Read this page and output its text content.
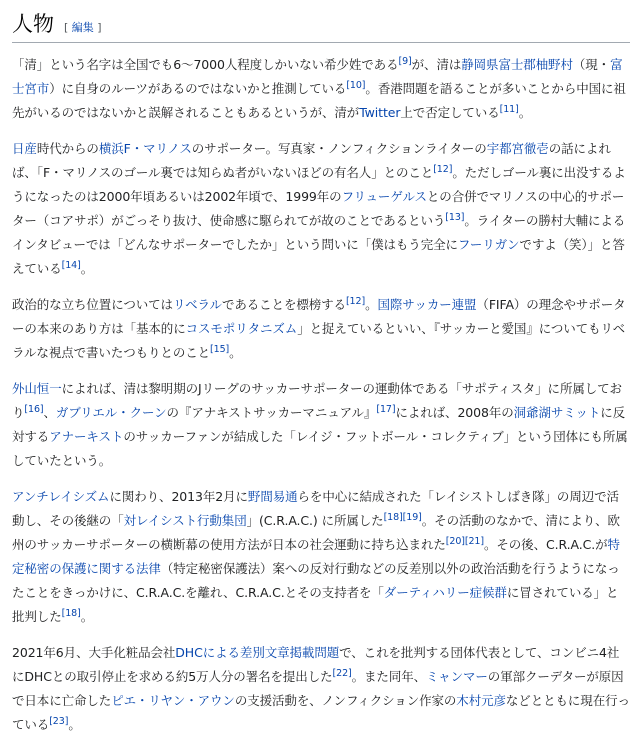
人物 [ 編集 ]

「清」という名字は全国でも6～7000人程度しかいない希少姓である[9]が、清は静岡県富士郡柚野村（現・富士宮市）に自身のルーツがあるのではないかと推測している[10]。香港問題を語ることが多いことから中国に祖先がいるのではないかと誤解されることもあるというが、清がTwitter上で否定している[11]。

日産時代からの横浜F・マリノスのサポーター。写真家・ノンフィクションライターの宇都宮徹壱の話によれば、「F・マリノスのゴール裏では知らぬ者がいないほどの有名人」とのこと[12]。ただしゴール裏に出没するようになったのは2000年頃あるいは2002年頃で、1999年のフリューゲルスとの合併でマリノスの中心的サポーター（コアサポ）がごっそり抜け、使命感に駆られてが故のことであるという[13]。ライターの勝村大輔によるインタビューでは「どんなサポーターでしたか」という問いに「僕はもう完全にフーリガンですよ（笑）」と答えている[14]。

政治的な立ち位置についてはリベラルであることを標榜する[12]。国際サッカー連盟（FIFA）の理念やサポーターの本来のあり方は「基本的にコスモポリタニズム」と捉えているといい、『サッカーと愛国』についてもリベラルな視点で書いたつもりとのこと[15]。

外山恒一によれば、清は黎明期のJリーグのサッカーサポーターの運動体である「サポティスタ」に所属しており[16]、ガブリエル・クーンの『アナキストサッカーマニュアル』[17]によれば、2008年の洞爺湖サミットに反対するアナーキストのサッカーファンが結成した「レイジ・フットボール・コレクティブ」という団体にも所属していたという。

アンチレイシズムに関わり、2013年2月に野間易通らを中心に結成された「レイシストしばき隊」の周辺で活動し、その後継の「対レイシスト行動集団」(C.R.A.C.) に所属した[18][19]。その活動のなかで、清により、欧州のサッカーサポーターの横断幕の使用方法が日本の社会運動に持ち込まれた[20][21]。その後、C.R.A.C.が特定秘密の保護に関する法律（特定秘密保護法）案への反対行動などの反差別以外の政治活動を行うようになったことをきっかけに、C.R.A.C.を離れ、C.R.A.C.とその支持者を「ダーティハリー症候群に冒されている」と批判した[18]。

2021年6月、大手化粧品会社DHCによる差別文章掲載問題で、これを批判する団体代表として、コンビニ4社にDHCとの取引停止を求める約5万人分の署名を提出した[22]。また同年、ミャンマーの軍部クーデターが原因で日本に亡命したピエ・リヤン・アウンの支援活動を、ノンフィクション作家の木村元彦などとともに現在行っている[23]。
